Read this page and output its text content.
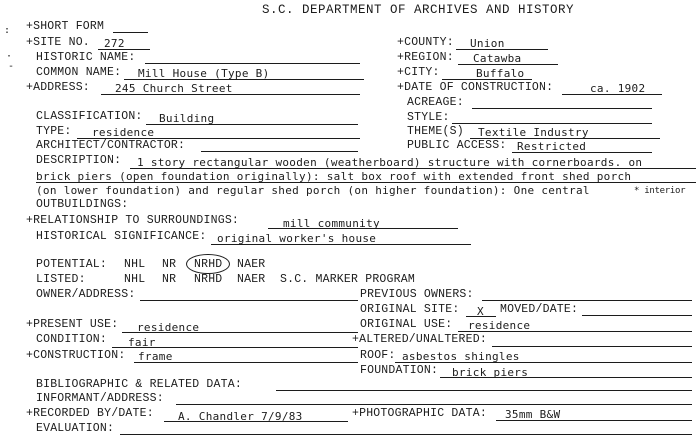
S.C. DEPARTMENT OF ARCHIVES AND HISTORY
:
·
-
+SHORT FORM
+SITE NO. 272	+COUNTY: Union
HISTORIC NAME:	+REGION: Catawba
COMMON NAME: Mill House (Type B)	+CITY:	Buffalo
+ADDRESS: 245 Church Street	+DATE OF CONSTRUCTION:	ca. 1902
ACREAGE:
CLASSIFICATION: Building	STYLE:
TYPE: residence	THEME(S) Textile Industry
ARCHITECT/CONTRACTOR:	PUBLIC ACCESS: Restricted
DESCRIPTION: 1 story rectangular wooden (weatherboard) structure with cornerboards. on
brick piers (open foundation originally): salt box roof with extended front shed porch
(on lower foundation) and regular shed porch (on higher foundation): One central	* interior
OUTBUILDINGS:
+RELATIONSHIP TO SURROUNDINGS:	mill community
HISTORICAL SIGNIFICANCE: original worker's house
POTENTIAL: NHL NR NRHD NAER
LISTED:	NHL NR NRHD NAER S.C. MARKER PROGRAM
OWNER/ADDRESS:	PREVIOUS OWNERS:
ORIGINAL SITE: X MOVED/DATE:
+PRESENT USE: residence	ORIGINAL USE: residence
CONDITION: fair	+ALTERED/UNALTERED:
+CONSTRUCTION: frame	ROOF: asbestos shingles
FOUNDATION: brick piers
BIBLIOGRAPHIC & RELATED DATA:
INFORMANT/ADDRESS:
+RECORDED BY/DATE: A. Chandler 7/9/83	+PHOTOGRAPHIC DATA: 35mm B&W
EVALUATION:
